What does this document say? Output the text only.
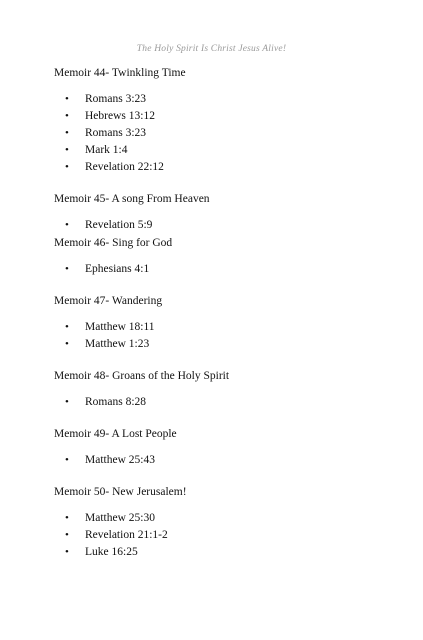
The Holy Spirit Is Christ Jesus Alive!

Memoir 44- Twinkling Time

• Romans 3:23
• Hebrews 13:12
• Romans 3:23
• Mark 1:4
• Revelation 22:12

Memoir 45- A song From Heaven

• Revelation 5:9

Memoir 46- Sing for God

• Ephesians 4:1

Memoir 47- Wandering

• Matthew 18:11
• Matthew 1:23

Memoir 48- Groans of the Holy Spirit

• Romans 8:28

Memoir 49- A Lost People

• Matthew 25:43

Memoir 50- New Jerusalem!

• Matthew 25:30
• Revelation 21:1-2
• Luke 16:25
